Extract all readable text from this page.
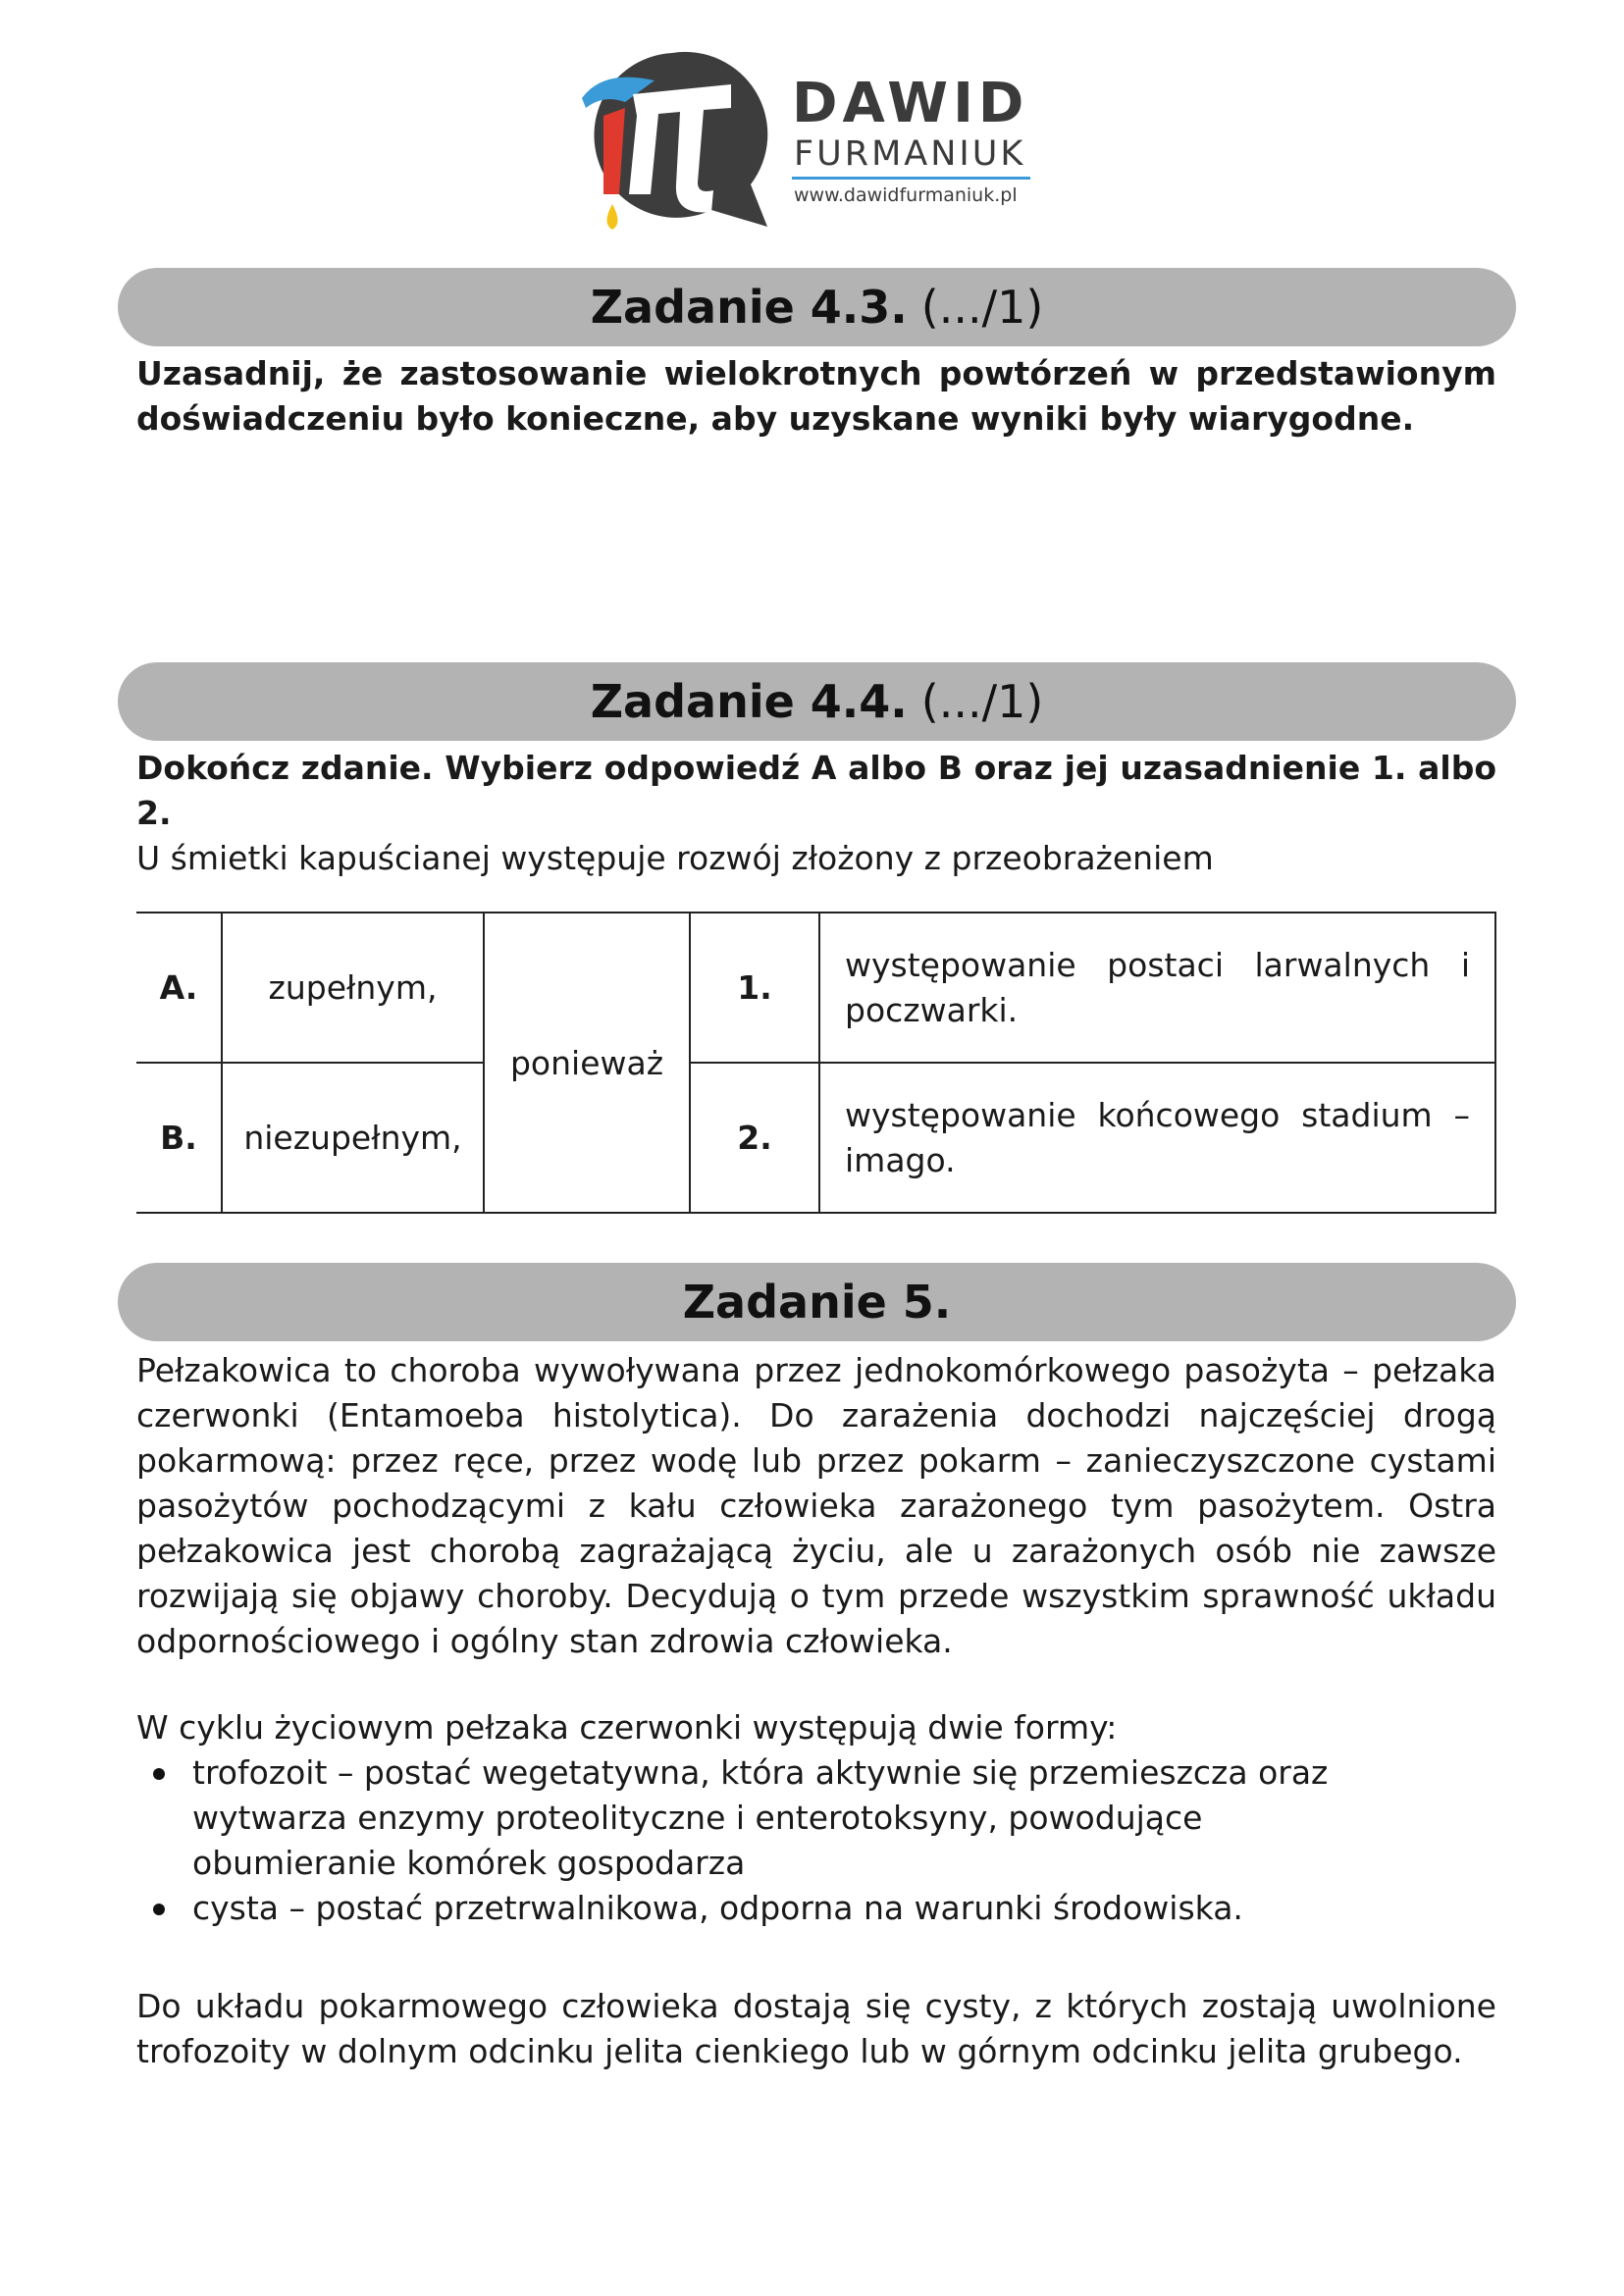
DAWID
FURMANIUK
www.dawidfurmaniuk.pl
Zadanie 4.3. (.../1)

Uzasadnij, że zastosowanie wielokrotnych powtórzeń w przedstawionym doświadczeniu było konieczne, aby uzyskane wyniki były wiarygodne.

Zadanie 4.4. (.../1)

Dokończ zdanie. Wybierz odpowiedź A albo B oraz jej uzasadnienie 1. albo 2.

U śmietki kapuścianej występuje rozwój złożony z przeobrażeniem

A.	zupełnym,	ponieważ	1.	występowanie postaci larwalnych i poczwarki.
B.	niezupełnym,		2.	występowanie końcowego stadium – imago.
Zadanie 5.

Pełzakowica to choroba wywoływana przez jednokomórkowego pasożyta – pełzaka czerwonki (Entamoeba histolytica). Do zarażenia dochodzi najczęściej drogą pokarmową: przez ręce, przez wodę lub przez pokarm – zanieczyszczone cystami pasożytów pochodzącymi z kału człowieka zarażonego tym pasożytem. Ostra pełzakowica jest chorobą zagrażającą życiu, ale u zarażonych osób nie zawsze rozwijają się objawy choroby. Decydują o tym przede wszystkim sprawność układu odpornościowego i ogólny stan zdrowia człowieka.

W cyklu życiowym pełzaka czerwonki występują dwie formy:

trofozoit – postać wegetatywna, która aktywnie się przemieszcza oraz wytwarza enzymy proteolityczne i enterotoksyny, powodujące obumieranie komórek gospodarza
cysta – postać przetrwalnikowa, odporna na warunki środowiska.

Do układu pokarmowego człowieka dostają się cysty, z których zostają uwolnione trofozoity w dolnym odcinku jelita cienkiego lub w górnym odcinku jelita grubego.
